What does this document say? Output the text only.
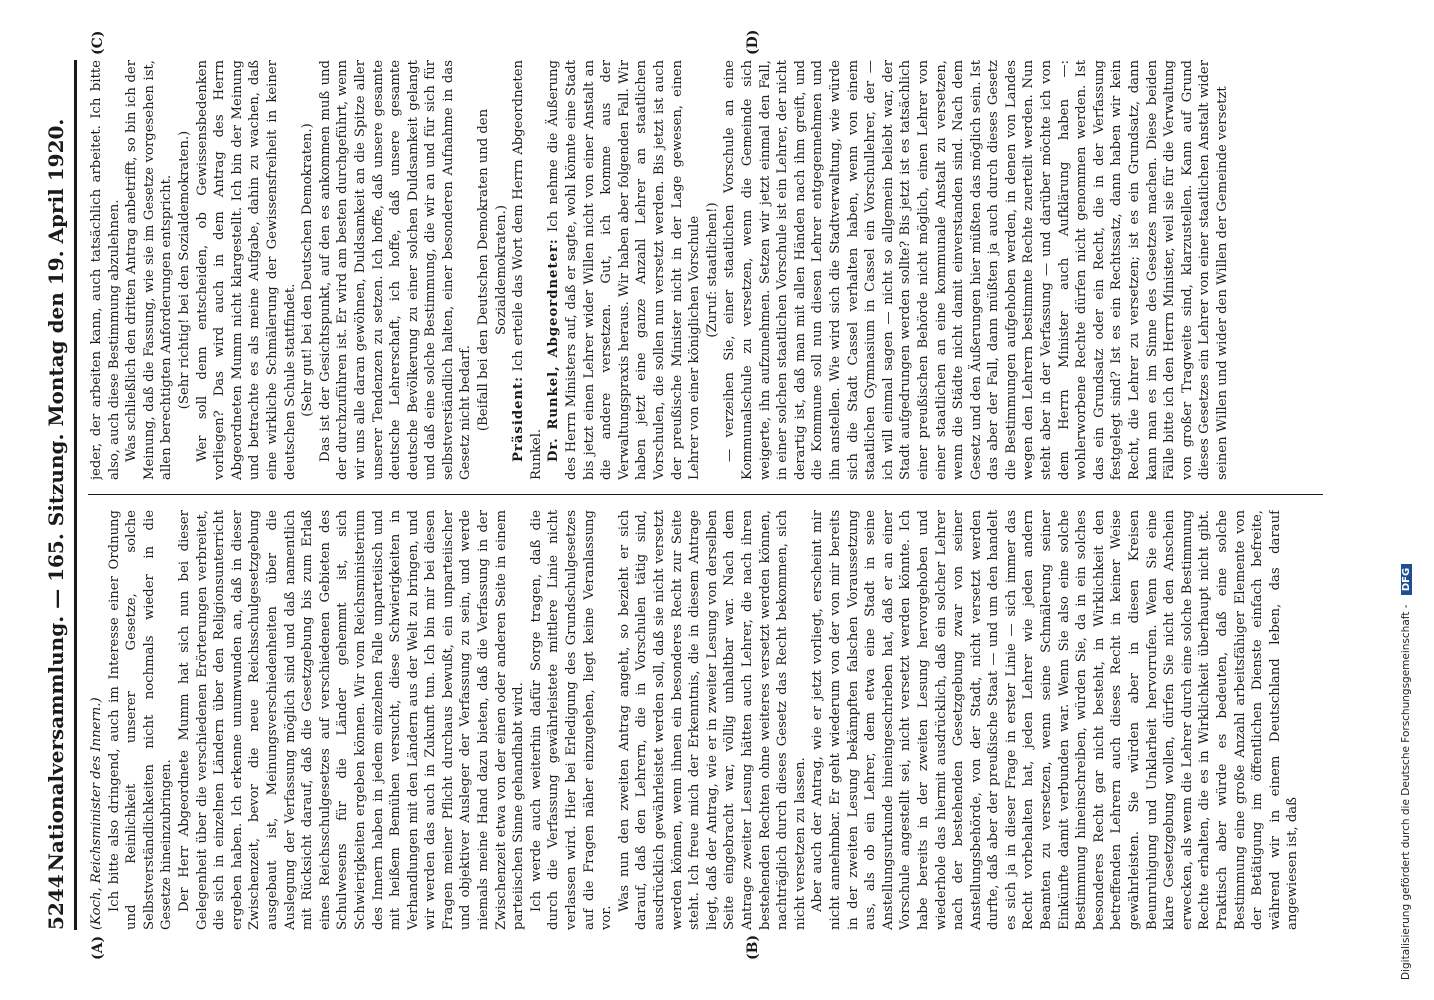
5244
Nationalversammlung. — 165. Sitzung. Montag den 19. April 1920.
(A)	(B)
(C)	(D)

(Koch, Reichsminister des Innern.) Ich bitte also dringend, auch im Interesse einer Ordnung und Reinlichkeit unserer Gesetze, solche Selbstverständlichkeiten nicht nochmals wieder in die Gesetze hineinzubringen. Der Herr Abgeordnete Mumm hat sich nun bei dieser Gelegenheit über die verschiedenen Erörterungen verbreitet, die sich in einzelnen Ländern über den Religionsunterricht ergeben haben. Ich erkenne unumwunden an, daß in dieser Zwischenzeit, bevor die neue Reichsschulgesetzgebung ausgebaut ist, Meinungsverschiedenheiten über die Auslegung der Verfassung möglich sind und daß namentlich mit Rücksicht darauf, daß die Gesetzgebung bis zum Erlaß eines Reichsschulgesetzes auf verschiedenen Gebieten des Schulwesens für die Länder gehemmt ist, sich Schwierigkeiten ergeben können. Wir vom Reichsministerium des Innern haben in jedem einzelnen Falle unparteiisch und mit heißem Bemühen versucht, diese Schwierigkeiten in Verhandlungen mit den Ländern aus der Welt zu bringen, und wir werden das auch in Zukunft tun. Ich bin mir bei diesen Fragen meiner Pflicht durchaus bewußt, ein unparteiischer und objektiver Ausleger der Verfassung zu sein, und werde niemals meine Hand dazu bieten, daß die Verfassung in der Zwischenzeit etwa von der einen oder anderen Seite in einem parteiischen Sinne gehandhabt wird. Ich werde auch weiterhin dafür Sorge tragen, daß die durch die Verfassung gewährleistete mittlere Linie nicht verlassen wird. Hier bei Erledigung des Grundschulgesetzes auf die Fragen näher einzugehen, liegt keine Veranlassung vor.

Was nun den zweiten Antrag angeht, so bezieht er sich darauf, daß den Lehrern, die in Vorschulen tätig sind, ausdrücklich gewährleistet werden soll, daß sie nicht versetzt werden können, wenn ihnen ein besonderes Recht zur Seite steht. Ich freue mich der Erkenntnis, die in diesem Antrage liegt, daß der Antrag, wie er in zweiter Lesung von derselben Seite eingebracht war, völlig unhaltbar war. Nach dem Antrage zweiter Lesung hätten auch Lehrer, die nach ihren bestehenden Rechten ohne weiteres versetzt werden können, nachträglich durch dieses Gesetz das Recht bekommen, sich nicht versetzen zu lassen. Aber auch der Antrag, wie er jetzt vorliegt, erscheint mir nicht annehmbar. Er geht wiederum von der von mir bereits in der zweiten Lesung bekämpften falschen Voraussetzung aus, als ob ein Lehrer, dem etwa eine Stadt in seine Anstellungsurkunde hineingeschrieben hat, daß er an einer Vorschule angestellt sei, nicht versetzt werden könnte. Ich habe bereits in der zweiten Lesung hervorgehoben und wiederhole das hiermit ausdrücklich, daß ein solcher Lehrer nach der bestehenden Gesetzgebung zwar von seiner Anstellungsbehörde, von der Stadt, nicht versetzt werden durfte, daß aber der preußische Staat — und um den handelt es sich ja in dieser Frage in erster Linie — sich immer das Recht vorbehalten hat, jeden Lehrer wie jeden andern Beamten zu versetzen, wenn seine Schmälerung seiner Einkünfte damit verbunden war. Wenn Sie also eine solche Bestimmung hineinschreiben, würden Sie, da in ein solches besonderes Recht gar nicht besteht, in Wirklichkeit den betreffenden Lehrern auch dieses Recht in keiner Weise gewährleisten. Sie würden aber in diesen Kreisen Beunruhigung und Unklarheit hervorrufen. Wenn Sie eine klare Gesetzgebung wollen, dürfen Sie nicht den Anschein erwecken, als wenn die Lehrer durch eine solche Bestimmung Rechte erhalten, die es in Wirklichkeit überhaupt nicht gibt. Praktisch aber würde es bedeuten, daß eine solche Bestimmung eine große Anzahl arbeitsfähiger Elemente von der Betätigung im öffentlichen Dienste einfach befreite, während wir in einem Deutschland leben, das darauf angewiesen ist, daß

jeder, der arbeiten kann, auch tatsächlich arbeitet. Ich bitte also, auch diese Bestimmung abzulehnen. Was schließlich den dritten Antrag anbetrifft, so bin ich der Meinung, daß die Fassung, wie sie im Gesetze vorgesehen ist, allen berechtigten Anforderungen entspricht. (Sehr richtig! bei den Sozialdemokraten.) Wer soll denn entscheiden, ob Gewissensbedenken vorliegen? Das wird auch in dem Antrag des Herrn Abgeordneten Mumm nicht klargestellt. Ich bin der Meinung und betrachte es als meine Aufgabe, dahin zu wachen, daß eine wirkliche Schmälerung der Gewissensfreiheit in keiner deutschen Schule stattfindet. (Sehr gut! bei den Deutschen Demokraten.) Das ist der Gesichtspunkt, auf den es ankommen muß und der durchzuführen ist. Er wird am besten durchgeführt, wenn wir uns alle daran gewöhnen, Duldsamkeit an die Spitze aller unserer Tendenzen zu setzen. Ich hoffe, daß unsere gesamte deutsche Lehrerschaft, ich hoffe, daß unsere gesamte deutsche Bevölkerung zu einer solchen Duldsamkeit gelangt und daß eine solche Bestimmung, die wir an und für sich für selbstverständlich halten, einer besonderen Aufnahme in das Gesetz nicht bedarf. (Beifall bei den Deutschen Demokraten und den Sozialdemokraten.)

Präsident: Ich erteile das Wort dem Herrn Abgeordneten Runkel. Dr. Runkel, Abgeordneter: Ich nehme die Äußerung des Herrn Ministers auf, daß er sagte, wohl könnte eine Stadt bis jetzt einen Lehrer wider Willen nicht von einer Anstalt an die andere versetzen. Gut, ich komme aus der Verwaltungspraxis heraus. Wir haben aber folgenden Fall. Wir haben jetzt eine ganze Anzahl Lehrer an staatlichen Vorschulen, die sollen nun versetzt werden. Bis jetzt ist auch der preußische Minister nicht in der Lage gewesen, einen Lehrer von einer königlichen Vorschule (Zuruf: staatlichen!) — verzeihen Sie, einer staatlichen Vorschule an eine Kommunalschule zu versetzen, wenn die Gemeinde sich weigerte, ihn aufzunehmen. Setzen wir jetzt einmal den Fall, in einer solchen staatlichen Vorschule ist ein Lehrer, der nicht derartig ist, daß man mit allen Händen nach ihm greift, und die Kommune soll nun diesen Lehrer entgegennehmen und ihn anstellen. Wie wird sich die Stadtverwaltung, wie würde sich die Stadt Cassel verhalten haben, wenn von einem staatlichen Gymnasium in Cassel ein Vorschullehrer, der — ich will einmal sagen — nicht so allgemein beliebt war, der Stadt aufgedrungen werden sollte? Bis jetzt ist es tatsächlich einer preußischen Behörde nicht möglich, einen Lehrer von einer staatlichen an eine kommunale Anstalt zu versetzen, wenn die Städte nicht damit einverstanden sind. Nach dem Gesetz und den Äußerungen hier müßten das möglich sein. Ist das aber der Fall, dann müßten ja auch durch dieses Gesetz die Bestimmungen aufgehoben werden, in denen von Landes wegen den Lehrern bestimmte Rechte zuerteilt werden. Nun steht aber in der Verfassung — und darüber möchte ich von dem Herrn Minister auch Aufklärung haben —: wohlerworbene Rechte dürfen nicht genommen werden. Ist das ein Grundsatz oder ein Recht, die in der Verfassung festgelegt sind? Ist es ein Rechtssatz, dann haben wir kein Recht, die Lehrer zu versetzen; ist es ein Grundsatz, dann kann man es im Sinne des Gesetzes machen. Diese beiden Fälle bitte ich den Herrn Minister, weil sie für die Verwaltung von großer Tragweite sind, klarzustellen. Kann auf Grund dieses Gesetzes ein Lehrer von einer staatlichen Anstalt wider seinen Willen und wider den Willen der Gemeinde versetzt

Digitalisierung gefördert durch die Deutsche Forschungsgemeinschaft - DFG
